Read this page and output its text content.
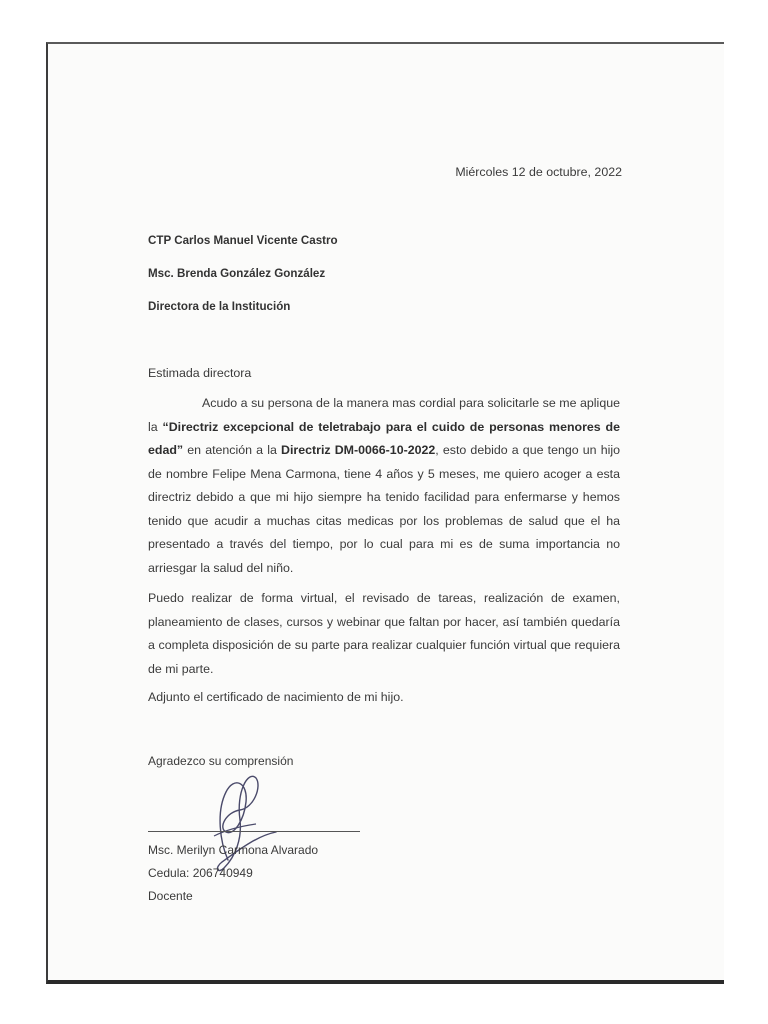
Miércoles 12 de octubre, 2022
CTP Carlos Manuel Vicente Castro
Msc. Brenda González González
Directora de la Institución
Estimada directora

Acudo a su persona de la manera mas cordial para solicitarle se me aplique la “Directriz excepcional de teletrabajo para el cuido de personas menores de edad” en atención a la Directriz DM-0066-10-2022, esto debido a que tengo un hijo de nombre Felipe Mena Carmona, tiene 4 años y 5 meses, me quiero acoger a esta directriz debido a que mi hijo siempre ha tenido facilidad para enfermarse y hemos tenido que acudir a muchas citas medicas por los problemas de salud que el ha presentado a través del tiempo, por lo cual para mi es de suma importancia no arriesgar la salud del niño.

Puedo realizar de forma virtual, el revisado de tareas, realización de examen, planeamiento de clases, cursos y webinar que faltan por hacer, así también quedaría a completa disposición de su parte para realizar cualquier función virtual que requiera de mi parte.

Adjunto el certificado de nacimiento de mi hijo.

Agradezco su comprensión
Msc. Merilyn Carmona Alvarado
Cedula: 206740949
Docente
